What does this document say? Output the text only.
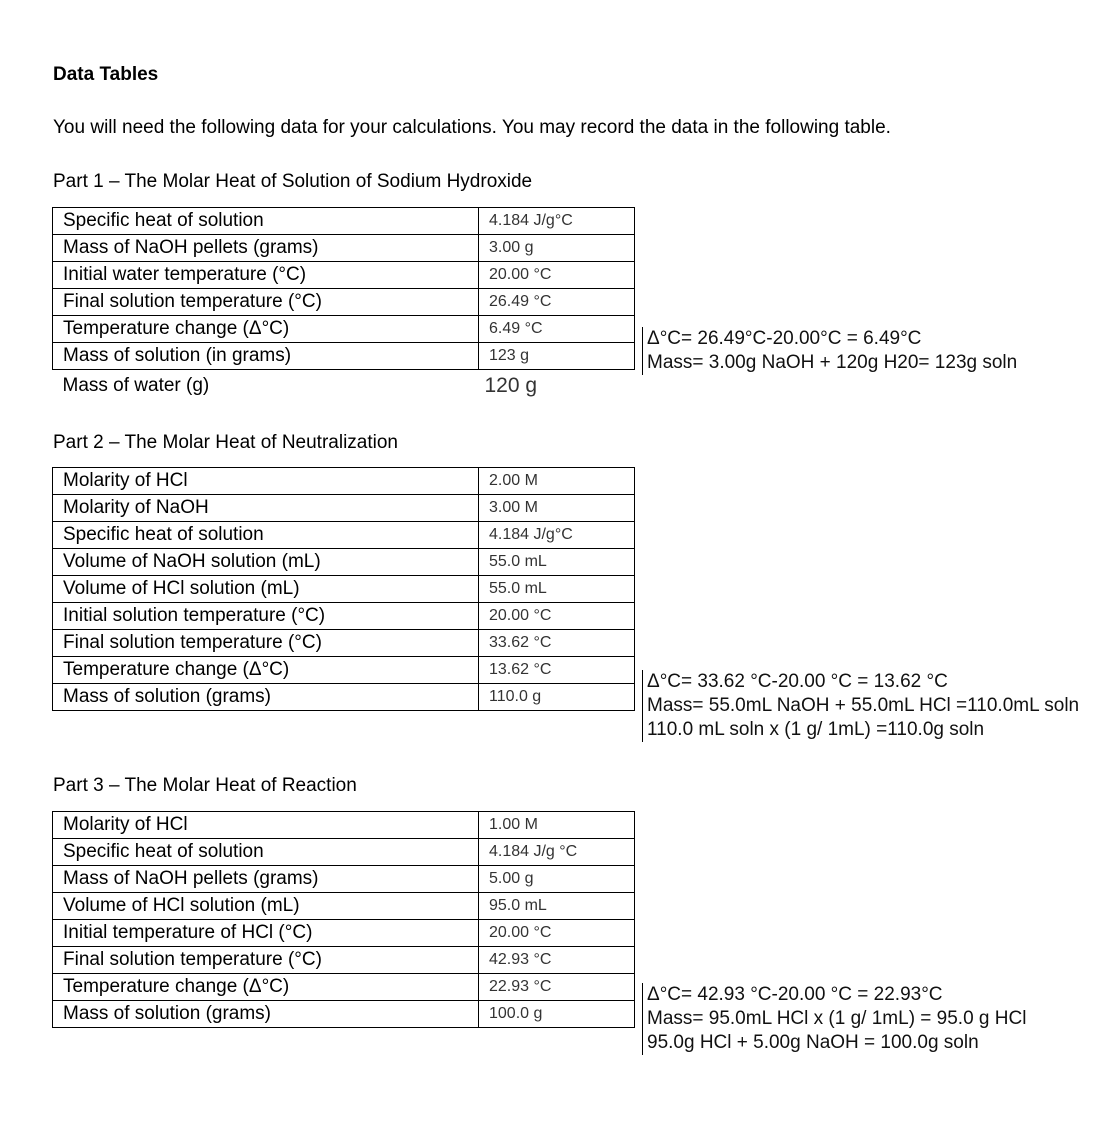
Data Tables
You will need the following data for your calculations. You may record the data in the following table.
Part 1 – The Molar Heat of Solution of Sodium Hydroxide
Specific heat of solution	4.184 J/g°C
Mass of NaOH pellets (grams)	3.00 g
Initial water temperature (°C)	20.00 °C
Final solution temperature (°C)	26.49 °C
Temperature change (Δ°C)	6.49 °C
Mass of solution (in grams)	123 g
Mass of water (g)	120 g
Δ°C= 26.49°C-20.00°C = 6.49°C
Mass= 3.00g NaOH + 120g H20= 123g soln
Part 2 – The Molar Heat of Neutralization
Molarity of HCl	2.00 M
Molarity of NaOH	3.00 M
Specific heat of solution	4.184 J/g°C
Volume of NaOH solution (mL)	55.0 mL
Volume of HCl solution (mL)	55.0 mL
Initial solution temperature (°C)	20.00 °C
Final solution temperature (°C)	33.62 °C
Temperature change (Δ°C)	13.62 °C
Mass of solution (grams)	110.0 g
Δ°C= 33.62 °C-20.00 °C = 13.62 °C
Mass= 55.0mL NaOH + 55.0mL HCl =110.0mL soln
110.0 mL soln x (1 g/ 1mL) =110.0g soln
Part 3 – The Molar Heat of Reaction
Molarity of HCl	1.00 M
Specific heat of solution	4.184 J/g °C
Mass of NaOH pellets (grams)	5.00 g
Volume of HCl solution (mL)	95.0 mL
Initial temperature of HCl (°C)	20.00 °C
Final solution temperature (°C)	42.93 °C
Temperature change (Δ°C)	22.93 °C
Mass of solution (grams)	100.0 g
Δ°C= 42.93 °C-20.00 °C = 22.93°C
Mass= 95.0mL HCl x (1 g/ 1mL) = 95.0 g HCl
95.0g HCl + 5.00g NaOH = 100.0g soln
